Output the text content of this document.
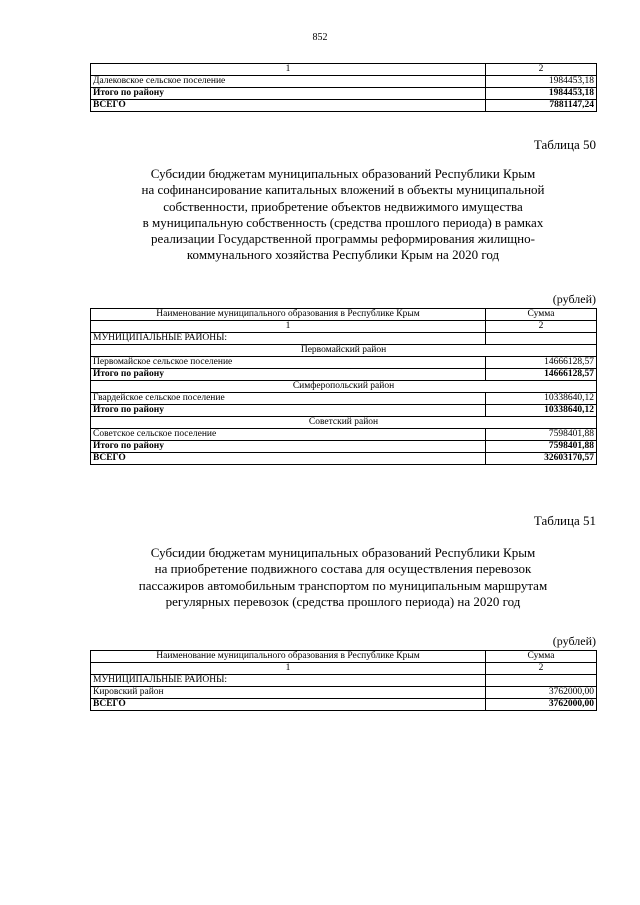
852
1	2
Далековское сельское поселение	1984453,18
Итого по району	1984453,18
ВСЕГО	7881147,24
Таблица 50
Субсидии бюджетам муниципальных образований Республики Крым
на софинансирование капитальных вложений в объекты муниципальной
собственности, приобретение объектов недвижимого имущества
в муниципальную собственность (средства прошлого периода) в рамках
реализации Государственной программы реформирования жилищно-
коммунального хозяйства Республики Крым на 2020 год
(рублей)
Наименование муниципального образования в Республике Крым	Сумма
1	2
МУНИЦИПАЛЬНЫЕ РАЙОНЫ:	
Первомайский район	
Первомайское сельское поселение	14666128,57
Итого по району	14666128,57
Симферопольский район	
Гвардейское сельское поселение	10338640,12
Итого по району	10338640,12
Советский район	
Советское сельское поселение	7598401,88
Итого по району	7598401,88
ВСЕГО	32603170,57
Таблица 51
Субсидии бюджетам муниципальных образований Республики Крым
на приобретение подвижного состава для осуществления перевозок
пассажиров автомобильным транспортом по муниципальным маршрутам
регулярных перевозок (средства прошлого периода) на 2020 год
(рублей)
Наименование муниципального образования в Республике Крым	Сумма
1	2
МУНИЦИПАЛЬНЫЕ РАЙОНЫ:	
Кировский район	3762000,00
ВСЕГО	3762000,00
